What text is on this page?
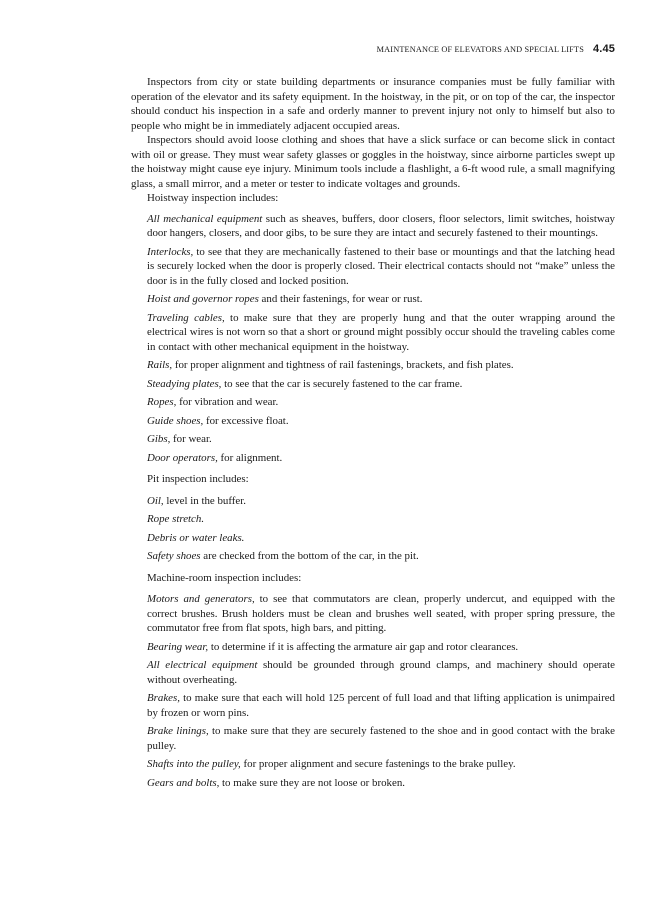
MAINTENANCE OF ELEVATORS AND SPECIAL LIFTS 4.45

Inspectors from city or state building departments or insurance companies must be fully familiar with operation of the elevator and its safety equipment. In the hoistway, in the pit, or on top of the car, the inspector should conduct his inspection in a safe and orderly manner to prevent injury not only to himself but also to people who might be in immediately adjacent occupied areas.

Inspectors should avoid loose clothing and shoes that have a slick surface or can become slick in contact with oil or grease. They must wear safety glasses or goggles in the hoistway, since airborne particles swept up the hoistway might cause eye injury. Minimum tools include a flashlight, a 6-ft wood rule, a small magnifying glass, a small mirror, and a meter or tester to indicate voltages and grounds.

Hoistway inspection includes:

All mechanical equipment such as sheaves, buffers, door closers, floor selectors, limit switches, hoistway door hangers, closers, and door gibs, to be sure they are intact and securely fastened to their mountings.

Interlocks, to see that they are mechanically fastened to their base or mountings and that the latching head is securely locked when the door is properly closed. Their electrical contacts should not “make” unless the door is in the fully closed and locked position.

Hoist and governor ropes and their fastenings, for wear or rust.

Traveling cables, to make sure that they are properly hung and that the outer wrapping around the electrical wires is not worn so that a short or ground might possibly occur should the traveling cables come in contact with other mechanical equipment in the hoistway.

Rails, for proper alignment and tightness of rail fastenings, brackets, and fish plates.

Steadying plates, to see that the car is securely fastened to the car frame.

Ropes, for vibration and wear.

Guide shoes, for excessive float.

Gibs, for wear.

Door operators, for alignment.

Pit inspection includes:

Oil, level in the buffer.

Rope stretch.

Debris or water leaks.

Safety shoes are checked from the bottom of the car, in the pit.

Machine-room inspection includes:

Motors and generators, to see that commutators are clean, properly undercut, and equipped with the correct brushes. Brush holders must be clean and brushes well seated, with proper spring pressure, the commutator free from flat spots, high bars, and pitting.

Bearing wear, to determine if it is affecting the armature air gap and rotor clearances.

All electrical equipment should be grounded through ground clamps, and machinery should operate without overheating.

Brakes, to make sure that each will hold 125 percent of full load and that lifting application is unimpaired by frozen or worn pins.

Brake linings, to make sure that they are securely fastened to the shoe and in good contact with the brake pulley.

Shafts into the pulley, for proper alignment and secure fastenings to the brake pulley.

Gears and bolts, to make sure they are not loose or broken.
